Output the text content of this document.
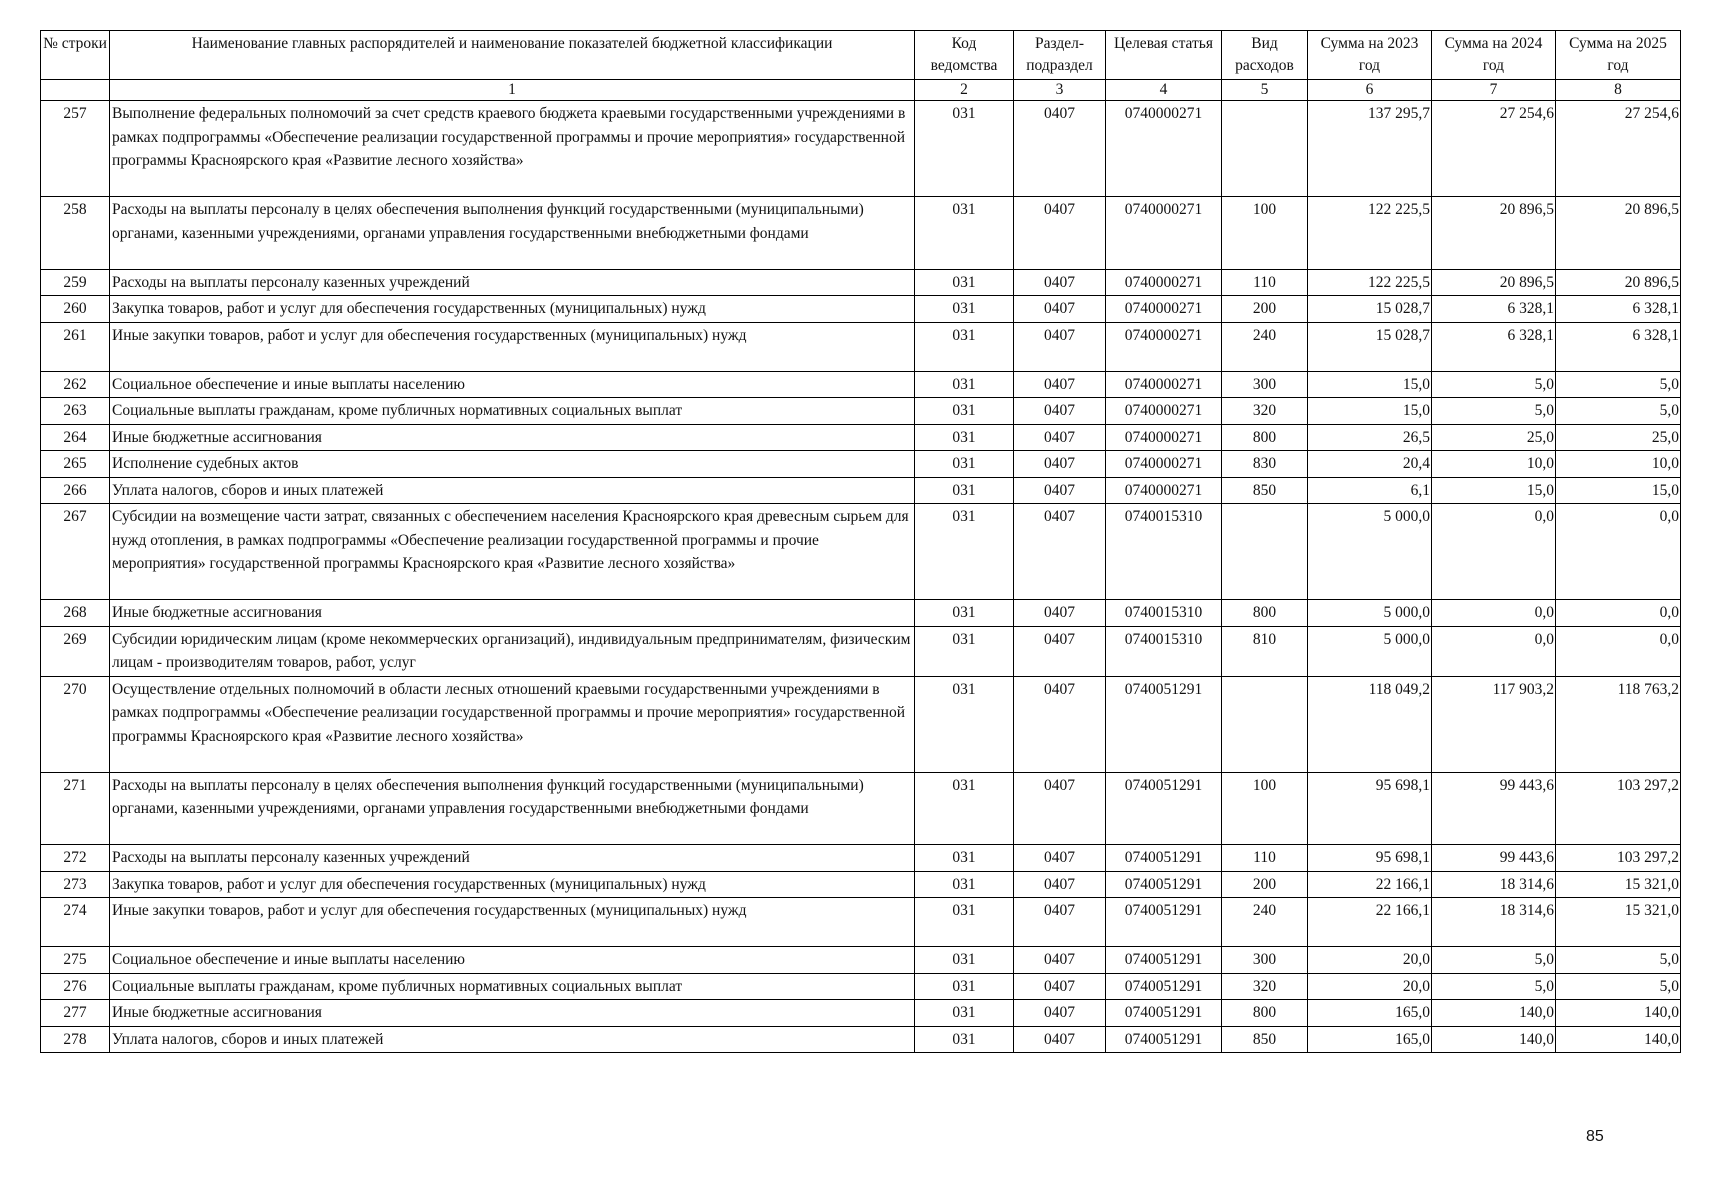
№ строки	Наименование главных распорядителей и наименование показателей бюджетной классификации	Код ведомства	Раздел-подраздел	Целевая статья	Вид расходов	Сумма на 2023 год	Сумма на 2024 год	Сумма на 2025 год
	1	2	3	4	5	6	7	8
257	Выполнение федеральных полномочий за счет средств краевого бюджета краевыми государственными учреждениями в рамках подпрограммы «Обеспечение реализации государственной программы и прочие мероприятия» государственной программы Красноярского края «Развитие лесного хозяйства»	031	0407	0740000271		137 295,7	27 254,6	27 254,6
258	Расходы на выплаты персоналу в целях обеспечения выполнения функций государственными (муниципальными) органами, казенными учреждениями, органами управления государственными внебюджетными фондами	031	0407	0740000271	100	122 225,5	20 896,5	20 896,5
259	Расходы на выплаты персоналу казенных учреждений	031	0407	0740000271	110	122 225,5	20 896,5	20 896,5
260	Закупка товаров, работ и услуг для обеспечения государственных (муниципальных) нужд	031	0407	0740000271	200	15 028,7	6 328,1	6 328,1
261	Иные закупки товаров, работ и услуг для обеспечения государственных (муниципальных) нужд	031	0407	0740000271	240	15 028,7	6 328,1	6 328,1
262	Социальное обеспечение и иные выплаты населению	031	0407	0740000271	300	15,0	5,0	5,0
263	Социальные выплаты гражданам, кроме публичных нормативных социальных выплат	031	0407	0740000271	320	15,0	5,0	5,0
264	Иные бюджетные ассигнования	031	0407	0740000271	800	26,5	25,0	25,0
265	Исполнение судебных актов	031	0407	0740000271	830	20,4	10,0	10,0
266	Уплата налогов, сборов и иных платежей	031	0407	0740000271	850	6,1	15,0	15,0
267	Субсидии на возмещение части затрат, связанных с обеспечением населения Красноярского края древесным сырьем для нужд отопления, в рамках подпрограммы «Обеспечение реализации государственной программы и прочие мероприятия» государственной программы Красноярского края «Развитие лесного хозяйства»	031	0407	0740015310		5 000,0	0,0	0,0
268	Иные бюджетные ассигнования	031	0407	0740015310	800	5 000,0	0,0	0,0
269	Субсидии юридическим лицам (кроме некоммерческих организаций), индивидуальным предпринимателям, физическим лицам - производителям товаров, работ, услуг	031	0407	0740015310	810	5 000,0	0,0	0,0
270	Осуществление отдельных полномочий в области лесных отношений краевыми государственными учреждениями в рамках подпрограммы «Обеспечение реализации государственной программы и прочие мероприятия» государственной программы Красноярского края «Развитие лесного хозяйства»	031	0407	0740051291		118 049,2	117 903,2	118 763,2
271	Расходы на выплаты персоналу в целях обеспечения выполнения функций государственными (муниципальными) органами, казенными учреждениями, органами управления государственными внебюджетными фондами	031	0407	0740051291	100	95 698,1	99 443,6	103 297,2
272	Расходы на выплаты персоналу казенных учреждений	031	0407	0740051291	110	95 698,1	99 443,6	103 297,2
273	Закупка товаров, работ и услуг для обеспечения государственных (муниципальных) нужд	031	0407	0740051291	200	22 166,1	18 314,6	15 321,0
274	Иные закупки товаров, работ и услуг для обеспечения государственных (муниципальных) нужд	031	0407	0740051291	240	22 166,1	18 314,6	15 321,0
275	Социальное обеспечение и иные выплаты населению	031	0407	0740051291	300	20,0	5,0	5,0
276	Социальные выплаты гражданам, кроме публичных нормативных социальных выплат	031	0407	0740051291	320	20,0	5,0	5,0
277	Иные бюджетные ассигнования	031	0407	0740051291	800	165,0	140,0	140,0
278	Уплата налогов, сборов и иных платежей	031	0407	0740051291	850	165,0	140,0	140,0
85
